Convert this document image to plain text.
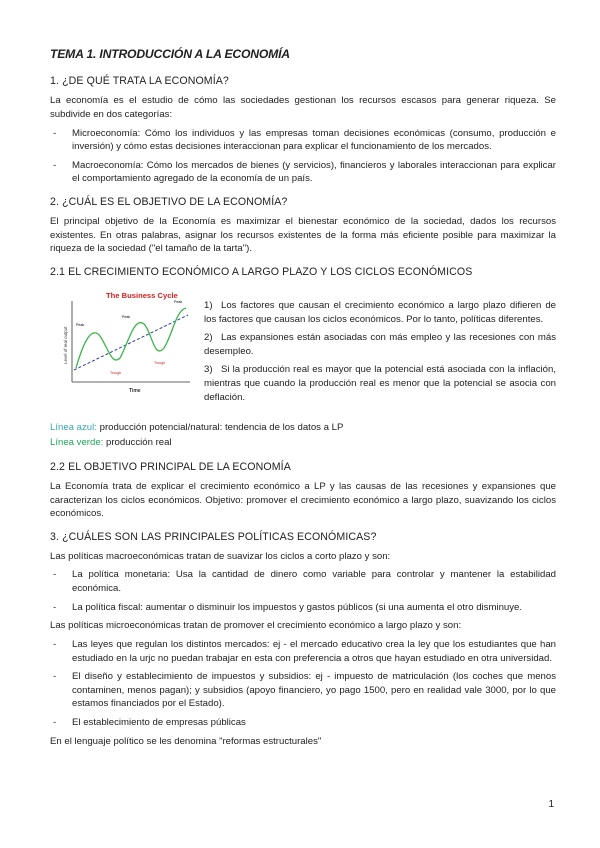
TEMA 1. INTRODUCCIÓN A LA ECONOMÍA
1. ¿DE QUÉ TRATA LA ECONOMÍA?

La economía es el estudio de cómo las sociedades gestionan los recursos escasos para generar riqueza. Se subdivide en dos categorías:

- Microeconomía: Cómo los individuos y las empresas toman decisiones económicas (consumo, producción e inversión) y cómo estas decisiones interaccionan para explicar el funcionamiento de los mercados.
- Macroeconomía: Cómo los mercados de bienes (y servicios), financieros y laborales interaccionan para explicar el comportamiento agregado de la economía de un país.
2. ¿CUÁL ES EL OBJETIVO DE LA ECONOMÍA?

El principal objetivo de la Economía es maximizar el bienestar económico de la sociedad, dados los recursos existentes. En otras palabras, asignar los recursos existentes de la forma más eficiente posible para maximizar la riqueza de la sociedad ("el tamaño de la tarta").

2.1 EL CRECIMIENTO ECONÓMICO A LARGO PLAZO Y LOS CICLOS ECONÓMICOS
The Business Cycle
Level of real output
Time
Peak
Peak
Peak
Trough
Trough
1) Los factores que causan el crecimiento económico a largo plazo difieren de los factores que causan los ciclos económicos. Por lo tanto, políticas diferentes.
2) Las expansiones están asociadas con más empleo y las recesiones con más desempleo.
3) Si la producción real es mayor que la potencial está asociada con la inflación, mientras que cuando la producción real es menor que la potencial se asocia con deflación.
Línea azul: producción potencial/natural: tendencia de los datos a LP
Línea verde: producción real
2.2 EL OBJETIVO PRINCIPAL DE LA ECONOMÍA

La Economía trata de explicar el crecimiento económico a LP y las causas de las recesiones y expansiones que caracterizan los ciclos económicos. Objetivo: promover el crecimiento económico a largo plazo, suavizando los ciclos económicos.

3. ¿CUÁLES SON LAS PRINCIPALES POLÍTICAS ECONÓMICAS?

Las políticas macroeconómicas tratan de suavizar los ciclos a corto plazo y son:

- La política monetaria: Usa la cantidad de dinero como variable para controlar y mantener la estabilidad económica.
- La política fiscal: aumentar o disminuir los impuestos y gastos públicos (si una aumenta el otro disminuye.

Las políticas microeconómicas tratan de promover el crecimiento económico a largo plazo y son:

- Las leyes que regulan los distintos mercados: ej - el mercado educativo crea la ley que los estudiantes que han estudiado en la urjc no puedan trabajar en esta con preferencia a otros que hayan estudiado en otra universidad.
- El diseño y establecimiento de impuestos y subsidios: ej - impuesto de matriculación (los coches que menos contaminen, menos pagan); y subsidios (apoyo financiero, yo pago 1500, pero en realidad vale 3000, por lo que estamos financiados por el Estado).
- El establecimiento de empresas públicas

En el lenguaje político se les denomina "reformas estructurales"

1
